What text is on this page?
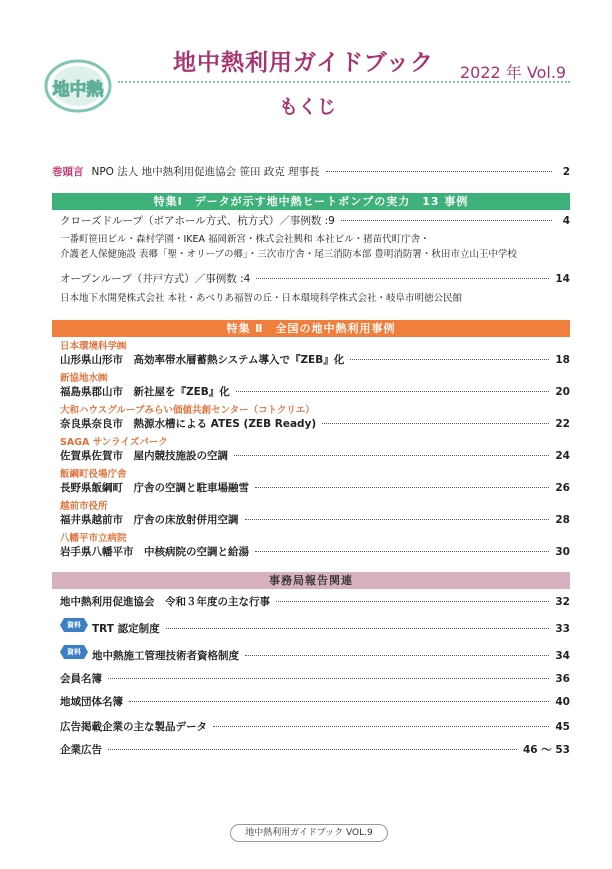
地中熱
地中熱利用ガイドブック 2022 年 Vol.9
もくじ
巻頭言 NPO 法人 地中熱利用促進協会 笹田 政克 理事長	2
特集Ⅰ　データが示す地中熱ヒートポンプの実力　13 事例
クローズドループ（ボアホール方式、杭方式）／事例数 :9	4
一番町笹田ビル・森村学園・IKEA 福岡新宮・株式会社興和 本社ビル・猪苗代町庁舎・
介護老人保健施設 表郷「聖・オリーブの郷」・三次市庁舎・尾三消防本部 豊明消防署・秋田市立山王中学校
オープンループ（井戸方式）／事例数 :4	14
日本地下水開発株式会社 本社・あべりあ福智の丘・日本環境科学株式会社・岐阜市明徳公民館
特集 Ⅱ　全国の地中熱利用事例
日本環境科学㈱
山形県山形市　高効率帯水層蓄熱システム導入で『ZEB』化	18
新協地水㈱
福島県郡山市　新社屋を『ZEB』化	20
大和ハウスグループみらい価値共創センター（コトクリエ）
奈良県奈良市　熱源水槽による ATES (ZEB Ready)	22
SAGA サンライズパーク
佐賀県佐賀市　屋内競技施設の空調	24
飯綱町役場庁舎
長野県飯綱町　庁舎の空調と駐車場融雪	26
越前市役所
福井県越前市　庁舎の床放射併用空調	28
八幡平市立病院
岩手県八幡平市　中核病院の空調と給湯	30
事務局報告関連
地中熱利用促進協会　令和３年度の主な行事	32
資料	TRT 認定制度	33
資料	地中熱施工管理技術者資格制度	34
会員名簿	36
地域団体名簿	40
広告掲載企業の主な製品データ	45
企業広告	46 〜 53
地中熱利用ガイドブック VOL.9
